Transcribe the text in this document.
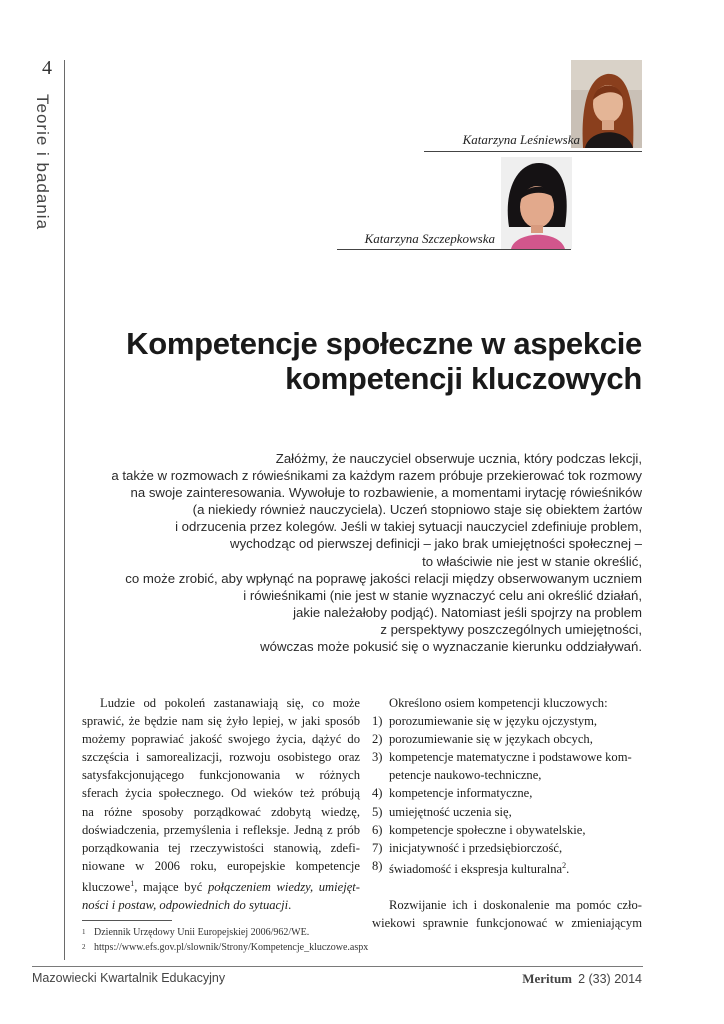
4
Teorie i badania	Katarzyna Leśniewska
Katarzyna Szczepkowska
Kompetencje społeczne w aspekcie
kompetencji kluczowych
Załóżmy, że nauczyciel obserwuje ucznia, który podczas lekcji,
a także w rozmowach z rówieśnikami za każdym razem próbuje przekierować tok rozmowy
na swoje zainteresowania. Wywołuje to rozbawienie, a momentami irytację rówieśników
(a niekiedy również nauczyciela). Uczeń stopniowo staje się obiektem żartów
i odrzucenia przez kolegów. Jeśli w takiej sytuacji nauczyciel zdefiniuje problem,
wychodząc od pierwszej definicji – jako brak umiejętności społecznej –
to właściwie nie jest w stanie określić,
co może zrobić, aby wpłynąć na poprawę jakości relacji między obserwowanym uczniem
i rówieśnikami (nie jest w stanie wyznaczyć celu ani określić działań,
jakie należałoby podjąć). Natomiast jeśli spojrzy na problem
z perspektywy poszczególnych umiejętności,
wówczas może pokusić się o wyznaczanie kierunku oddziaływań.
Ludzie od pokoleń zastanawiają się, co może
sprawić, że będzie nam się żyło lepiej, w jaki sposób
możemy poprawiać jakość swojego życia, dążyć do
szczęścia i samorealizacji, rozwoju osobistego oraz
satysfakcjonującego funkcjonowania w różnych
sferach życia społecznego. Od wieków też próbują
na różne sposoby porządkować zdobytą wiedzę,
doświadczenia, przemyślenia i refleksje. Jedną z prób
porządkowania tej rzeczywistości stanowią, zdefi-
niowane w 2006 roku, europejskie kompetencje
kluczowe$^1$, mające być połączeniem wiedzy, umiejęt-
ności i postaw, odpowiednich do sytuacji.
Określono osiem kompetencji kluczowych:
1) porozumiewanie się w języku ojczystym,
2) porozumiewanie się w językach obcych,
3) kompetencje matematyczne i podstawowe kom-
petencje naukowo-techniczne,
4) kompetencje informatyczne,
5) umiejętność uczenia się,
6) kompetencje społeczne i obywatelskie,
7) inicjatywność i przedsiębiorczość,
8) świadomość i ekspresja kulturalna$^2$.
Rozwijanie ich i doskonalenie ma pomóc czło-
wiekowi sprawnie funkcjonować w zmieniającym
1 Dziennik Urzędowy Unii Europejskiej 2006/962/WE.
2 https://www.efs.gov.pl/slownik/Strony/Kompetencje_kluczowe.aspx
Mazowiecki Kwartalnik Edukacyjny	Meritum 2 (33) 2014
